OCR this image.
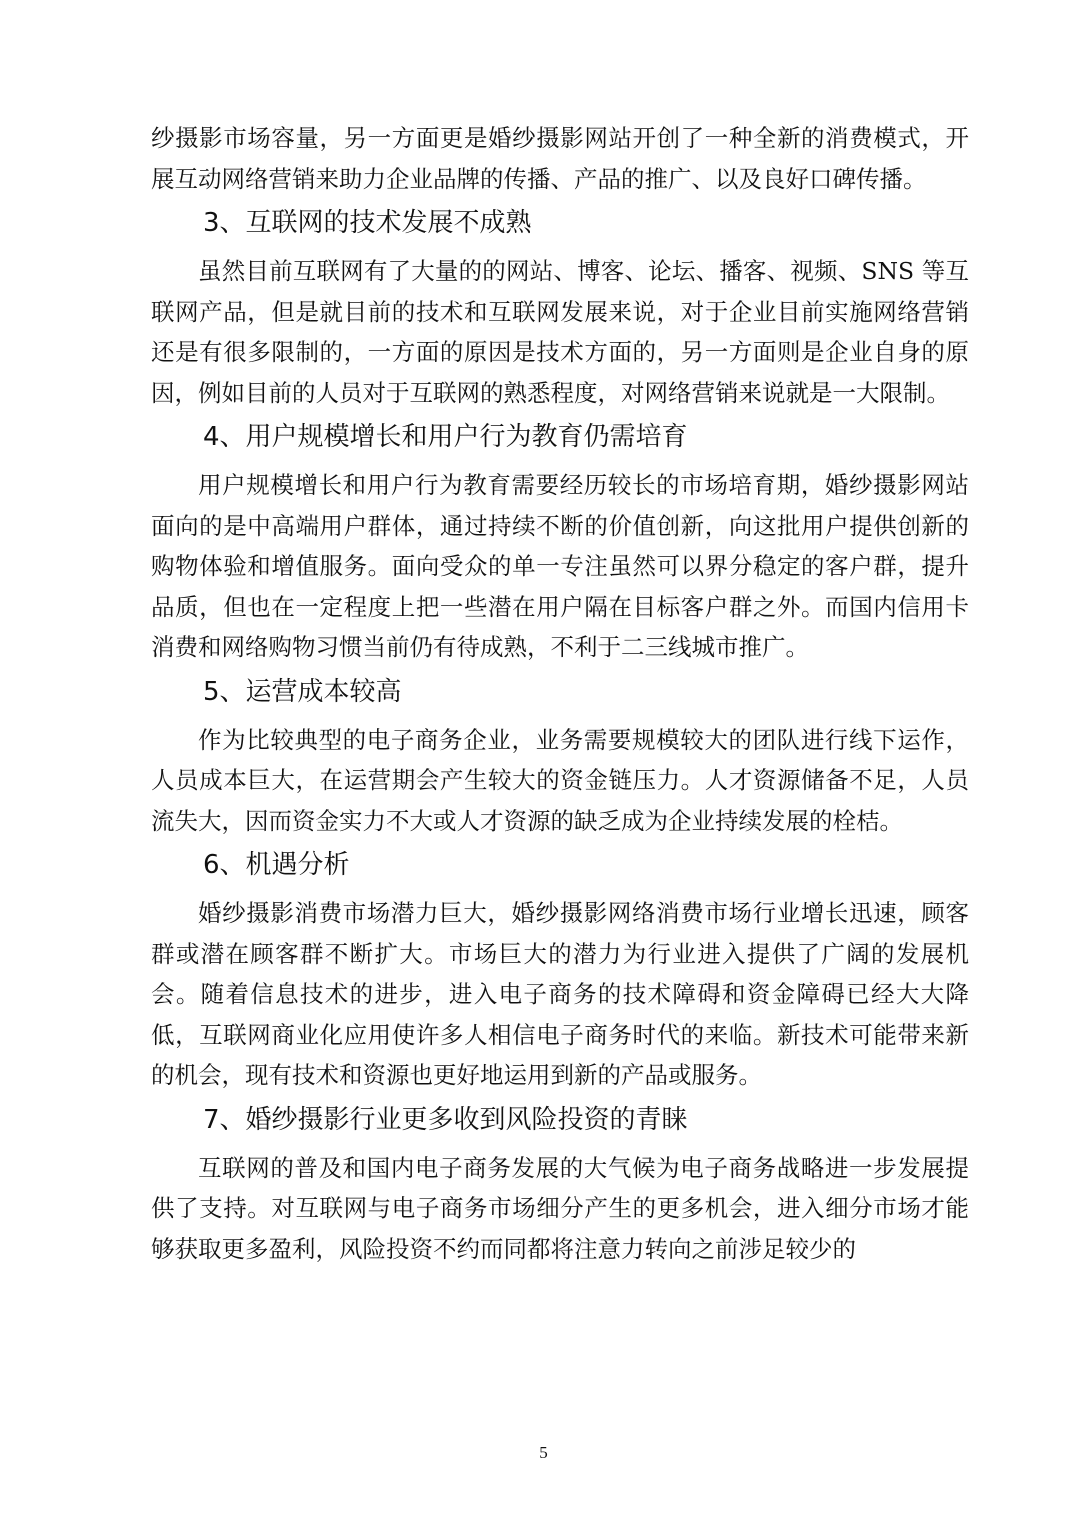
纱摄影市场容量，另一方面更是婚纱摄影网站开创了一种全新的消费模式，开展互动网络营销来助力企业品牌的传播、产品的推广、以及良好口碑传播。

3、互联网的技术发展不成熟

虽然目前互联网有了大量的的网站、博客、论坛、播客、视频、SNS 等互联网产品，但是就目前的技术和互联网发展来说，对于企业目前实施网络营销还是有很多限制的，一方面的原因是技术方面的，另一方面则是企业自身的原因，例如目前的人员对于互联网的熟悉程度，对网络营销来说就是一大限制。

4、用户规模增长和用户行为教育仍需培育

用户规模增长和用户行为教育需要经历较长的市场培育期，婚纱摄影网站面向的是中高端用户群体，通过持续不断的价值创新，向这批用户提供创新的购物体验和增值服务。面向受众的单一专注虽然可以界分稳定的客户群，提升品质，但也在一定程度上把一些潜在用户隔在目标客户群之外。而国内信用卡消费和网络购物习惯当前仍有待成熟，不利于二三线城市推广。

5、运营成本较高

作为比较典型的电子商务企业，业务需要规模较大的团队进行线下运作，人员成本巨大，在运营期会产生较大的资金链压力。人才资源储备不足，人员流失大，因而资金实力不大或人才资源的缺乏成为企业持续发展的栓桔。

6、机遇分析

婚纱摄影消费市场潜力巨大，婚纱摄影网络消费市场行业增长迅速，顾客群或潜在顾客群不断扩大。市场巨大的潜力为行业进入提供了广阔的发展机会。随着信息技术的进步，进入电子商务的技术障碍和资金障碍已经大大降低，互联网商业化应用使许多人相信电子商务时代的来临。新技术可能带来新的机会，现有技术和资源也更好地运用到新的产品或服务。

7、婚纱摄影行业更多收到风险投资的青睐

互联网的普及和国内电子商务发展的大气候为电子商务战略进一步发展提供了支持。对互联网与电子商务市场细分产生的更多机会，进入细分市场才能够获取更多盈利，风险投资不约而同都将注意力转向之前涉足较少的

5
